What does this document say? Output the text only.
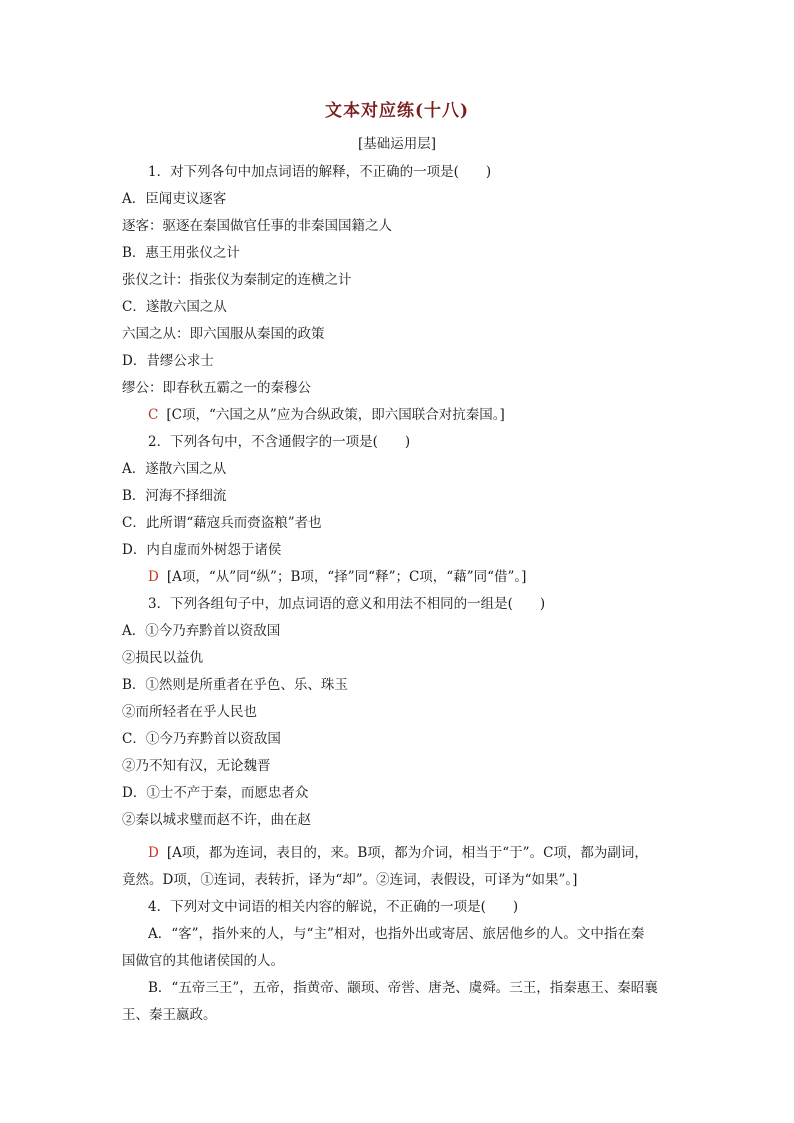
文本对应练(十八)
[基础运用层]
1．对下列各句中加点词语的解释，不正确的一项是(　　)
A．臣闻吏议逐客
逐客：驱逐在秦国做官任事的非秦国国籍之人
B．惠王用张仪之计
张仪之计：指张仪为秦制定的连横之计
C．遂散六国之从
六国之从：即六国服从秦国的政策
D．昔缪公求士
缪公：即春秋五霸之一的秦穆公
C [C项，“六国之从”应为合纵政策，即六国联合对抗秦国。]
2．下列各句中，不含通假字的一项是(　　)
A．遂散六国之从
B．河海不择细流
C．此所谓“藉寇兵而赍盗粮”者也
D．内自虚而外树怨于诸侯
D [A项，“从”同“纵”；B项，“择”同“释”；C项，“藉”同“借”。]
3．下列各组句子中，加点词语的意义和用法不相同的一组是(　　)
A．①今乃弃黔首以资敌国
②损民以益仇
B．①然则是所重者在乎色、乐、珠玉
②而所轻者在乎人民也
C．①今乃弃黔首以资敌国
②乃不知有汉，无论魏晋
D．①士不产于秦，而愿忠者众
②秦以城求璧而赵不许，曲在赵
D [A项，都为连词，表目的，来。B项，都为介词，相当于“于”。C项，都为副词，
竟然。D项，①连词，表转折，译为“却”。②连词，表假设，可译为“如果”。]
4．下列对文中词语的相关内容的解说，不正确的一项是(　　)
A．“客”，指外来的人，与“主”相对，也指外出或寄居、旅居他乡的人。文中指在秦
国做官的其他诸侯国的人。
B．“五帝三王”，五帝，指黄帝、颛顼、帝喾、唐尧、虞舜。三王，指秦惠王、秦昭襄
王、秦王嬴政。
